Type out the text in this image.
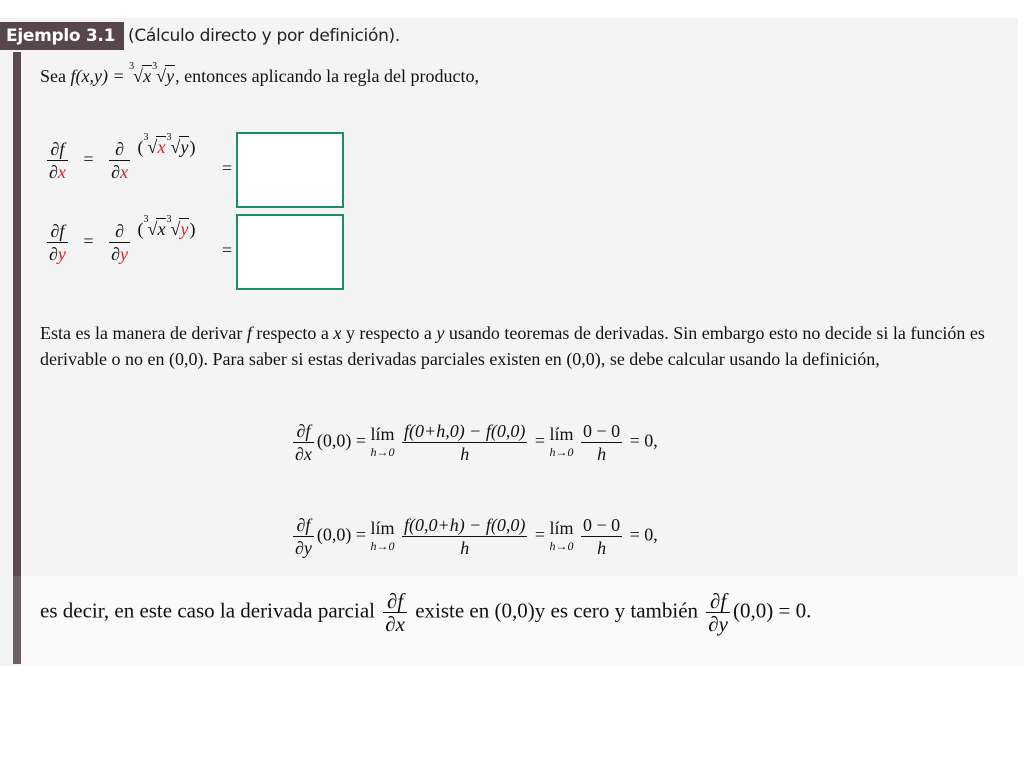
Ejemplo 3.1 (Cálculo directo y por definición).
Sea f(x,y) = 3 √ x 3 √ y, entonces aplicando la regla del producto,
$\frac{\partial f}{\partial x} = \frac{\partial}{\partial x}$ ( 3 √ x 3 √ y)
=
$\frac{\partial f}{\partial y} = \frac{\partial}{\partial y}$ ( 3 √ x 3 √ y)
=
Esta es la manera de derivar f respecto a x y respecto a y usando teoremas de derivadas. Sin embargo esto no decide si la función es derivable o no en (0,0). Para saber si estas derivadas parciales existen en (0,0), se debe calcular usando la definición,
$\frac{\partial f}{\partial x} (0,0)$ = lím
h→0
$\frac{f(0+h,0) - f(0,0)}{h}$ = lím
h→0
$\frac{0 - 0}{h} = 0$,
$\frac{\partial f}{\partial y} (0,0)$ = lím
h→0
$\frac{f(0,0+h) - f(0,0)}{h}$ = lím
h→0
$\frac{0 - 0}{h} = 0$,
es decir, en este caso la derivada parcial $\frac{\partial f}{\partial x}$ existe en (0,0)y es cero y también $\frac{\partial f}{\partial y} (0,0) = 0$.
